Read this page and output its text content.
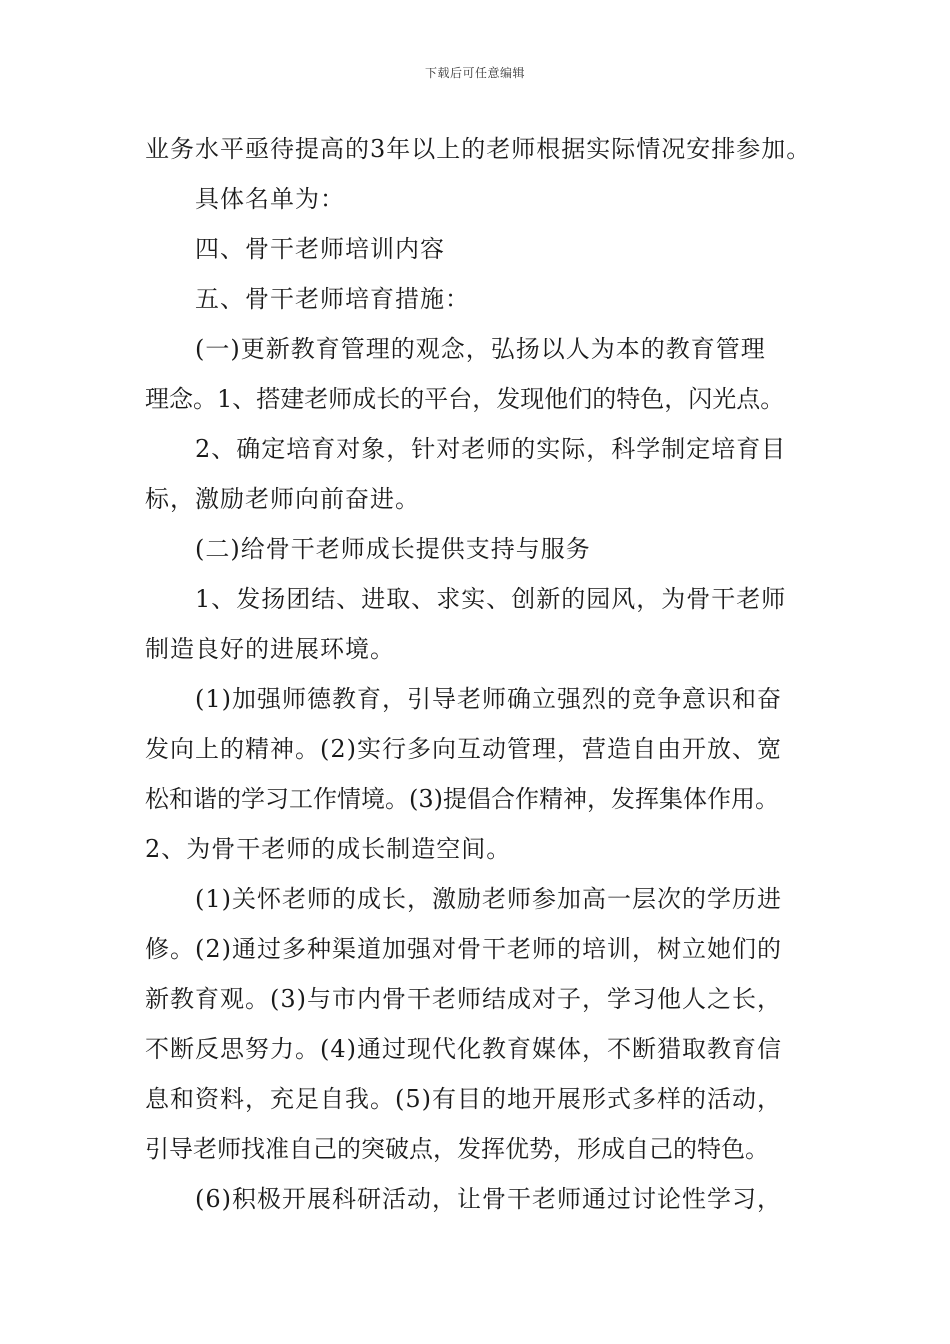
下载后可任意编辑
业务水平亟待提高的3年以上的老师根据实际情况安排参加。
具体名单为：
四、骨干老师培训内容
五、骨干老师培育措施：
(一)更新教育管理的观念，弘扬以人为本的教育管理
理念。1、搭建老师成长的平台，发现他们的特色，闪光点。
2、确定培育对象，针对老师的实际，科学制定培育目
标，激励老师向前奋进。
(二)给骨干老师成长提供支持与服务
1、发扬团结、进取、求实、创新的园风，为骨干老师
制造良好的进展环境。
(1)加强师德教育，引导老师确立强烈的竞争意识和奋
发向上的精神。(2)实行多向互动管理，营造自由开放、宽
松和谐的学习工作情境。(3)提倡合作精神，发挥集体作用。
2、为骨干老师的成长制造空间。
(1)关怀老师的成长，激励老师参加高一层次的学历进
修。(2)通过多种渠道加强对骨干老师的培训，树立她们的
新教育观。(3)与市内骨干老师结成对子，学习他人之长，
不断反思努力。(4)通过现代化教育媒体，不断猎取教育信
息和资料，充足自我。(5)有目的地开展形式多样的活动，
引导老师找准自己的突破点，发挥优势，形成自己的特色。
(6)积极开展科研活动，让骨干老师通过讨论性学习，
